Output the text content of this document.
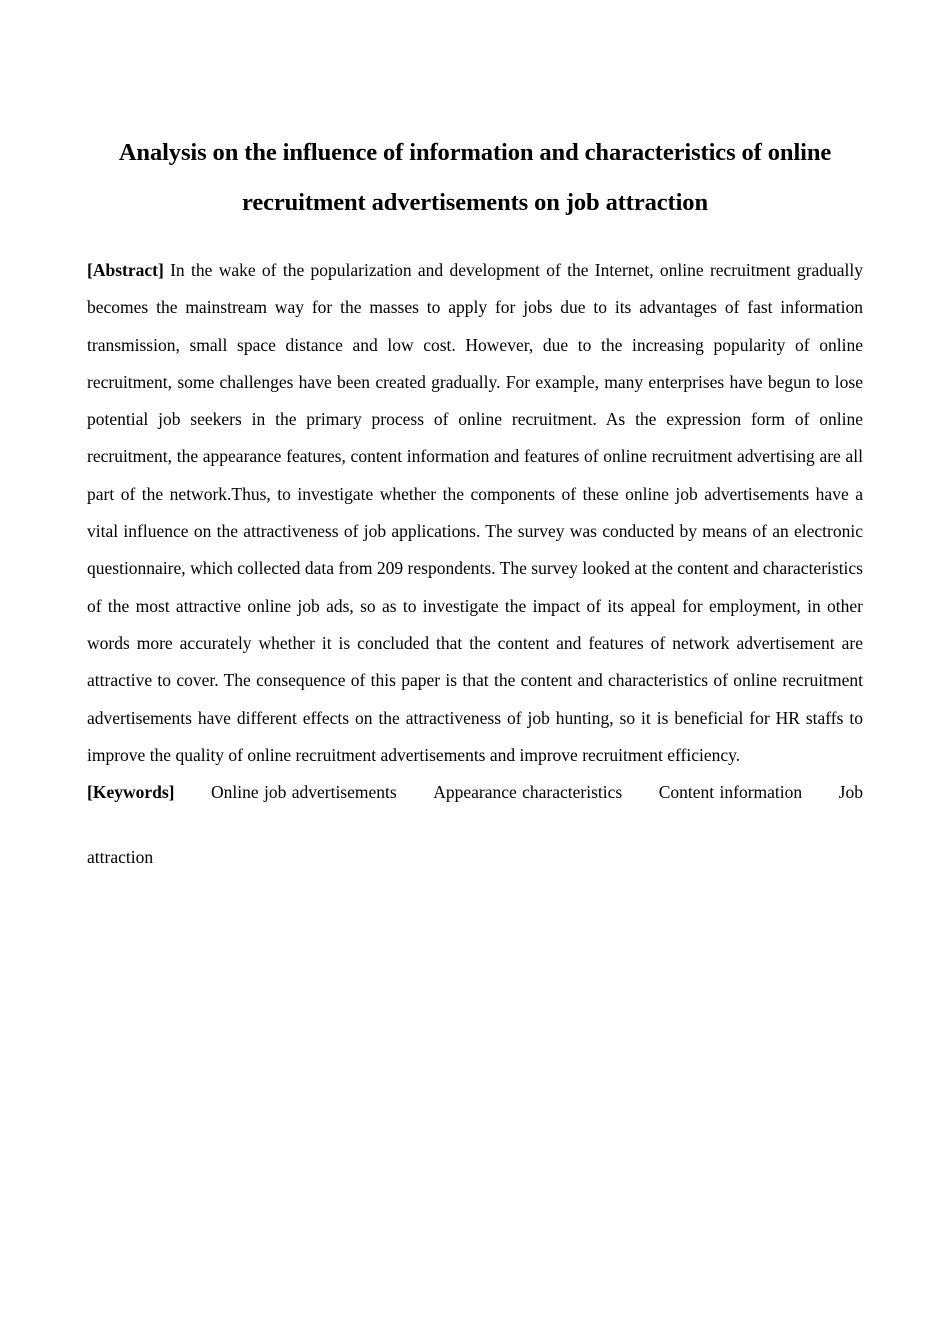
Analysis on the influence of information and characteristics of online recruitment advertisements on job attraction

[Abstract] In the wake of the popularization and development of the Internet, online recruitment gradually becomes the mainstream way for the masses to apply for jobs due to its advantages of fast information transmission, small space distance and low cost. However, due to the increasing popularity of online recruitment, some challenges have been created gradually. For example, many enterprises have begun to lose potential job seekers in the primary process of online recruitment. As the expression form of online recruitment, the appearance features, content information and features of online recruitment advertising are all part of the network.Thus, to investigate whether the components of these online job advertisements have a vital influence on the attractiveness of job applications. The survey was conducted by means of an electronic questionnaire, which collected data from 209 respondents. The survey looked at the content and characteristics of the most attractive online job ads, so as to investigate the impact of its appeal for employment, in other words more accurately whether it is concluded that the content and features of network advertisement are attractive to cover. The consequence of this paper is that the content and characteristics of online recruitment advertisements have different effects on the attractiveness of job hunting, so it is beneficial for HR staffs to improve the quality of online recruitment advertisements and improve recruitment efficiency.

[Keywords] Online job advertisements Appearance characteristics Content information Job
attraction
